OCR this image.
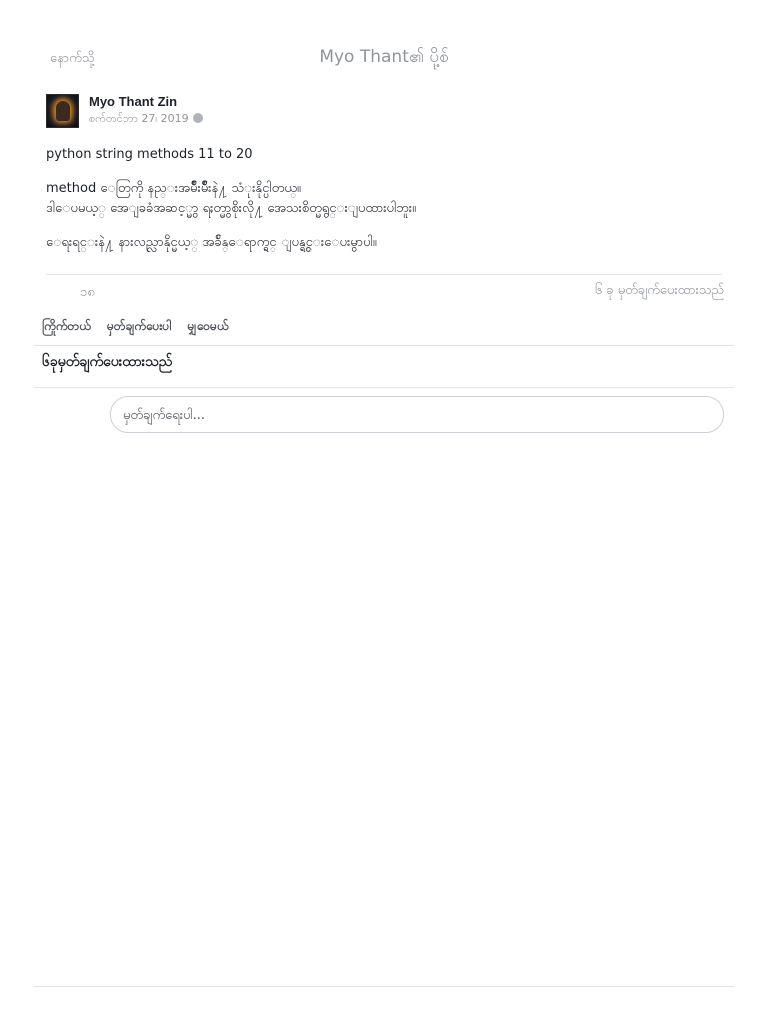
နောက်သို့	Myo Thant၏ ပို့စ်
Myo Thant Zin
စက်တင်ဘာ 27၊ 2019

python string methods 11 to 20

method ေတြကို နည္းအမ်ိဳးမ်ိဳးနဲ႔ သံုးနိုင္ပါတယ္။
ဒါေပမယ့္ အေျခခံအဆင့္မွာ ရႈတ္မွာစိုးလို႔ အေသးစိတ္မရွင္းျပထားပါဘူး။

ေရးရင္းနဲ႔ နားလည္လာနိုင္မယ့္ အခ်ိန္ေရာက္ရင္ ျပန္ရွင္းေပးမွာပါ။

၁၈	၆ ခု မှတ်ချက်ပေးထားသည်
ကြိုက်တယ် မှတ်ချက်ပေးပါ မျှဝေမယ်
၆ခုမှတ်ချက်ပေးထားသည်
မှတ်ချက်ရေးပါ...
